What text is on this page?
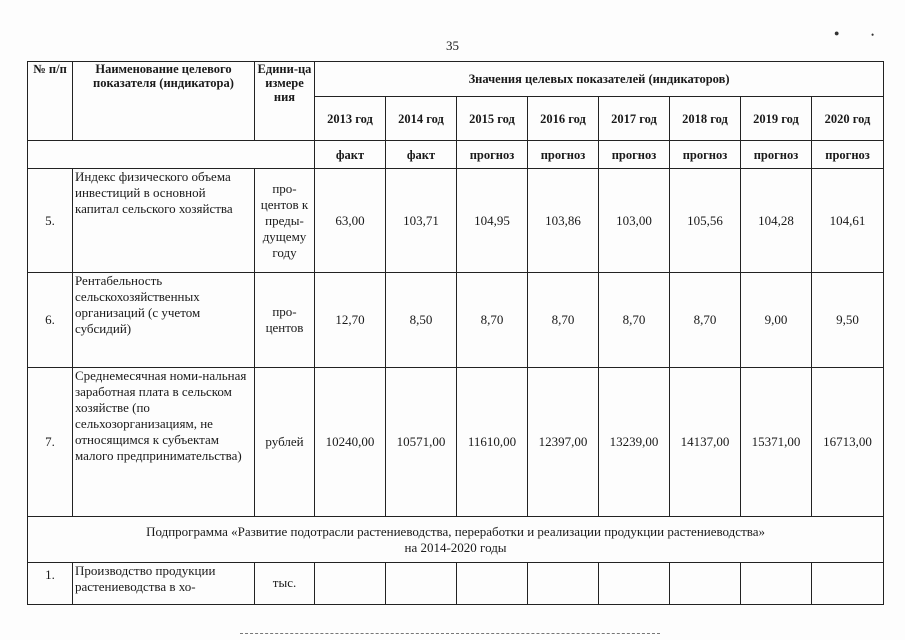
35
●	•
№ п/п	Наименование целевого показателя (индикатора)	Едини-ца измере ния	Значения целевых показателей (индикаторов)							
			2013 год	2014 год	2015 год	2016 год	2017 год	2018 год	2019 год	2020 год
			факт	факт	прогноз	прогноз	прогноз	прогноз	прогноз	прогноз
5.	Индекс физического объема инвестиций в основной капитал сельского хозяйства	про-центов к преды-дущему году	63,00	103,71	104,95	103,86	103,00	105,56	104,28	104,61
6.	Рентабельность сельскохозяйственных организаций (с учетом субсидий)	про-центов	12,70	8,50	8,70	8,70	8,70	8,70	9,00	9,50
7.	Среднемесячная номи-нальная заработная плата в сельском хозяйстве (по сельхозорганизациям, не относящимся к субъектам малого предпринимательства)	рублей	10240,00	10571,00	11610,00	12397,00	13239,00	14137,00	15371,00	16713,00
Подпрограмма «Развитие подотрасли растениеводства, переработки и реализации продукции растениеводства»
на 2014-2020 годы										
1.	Производство продукции растениеводства в хо-	тыс.								
